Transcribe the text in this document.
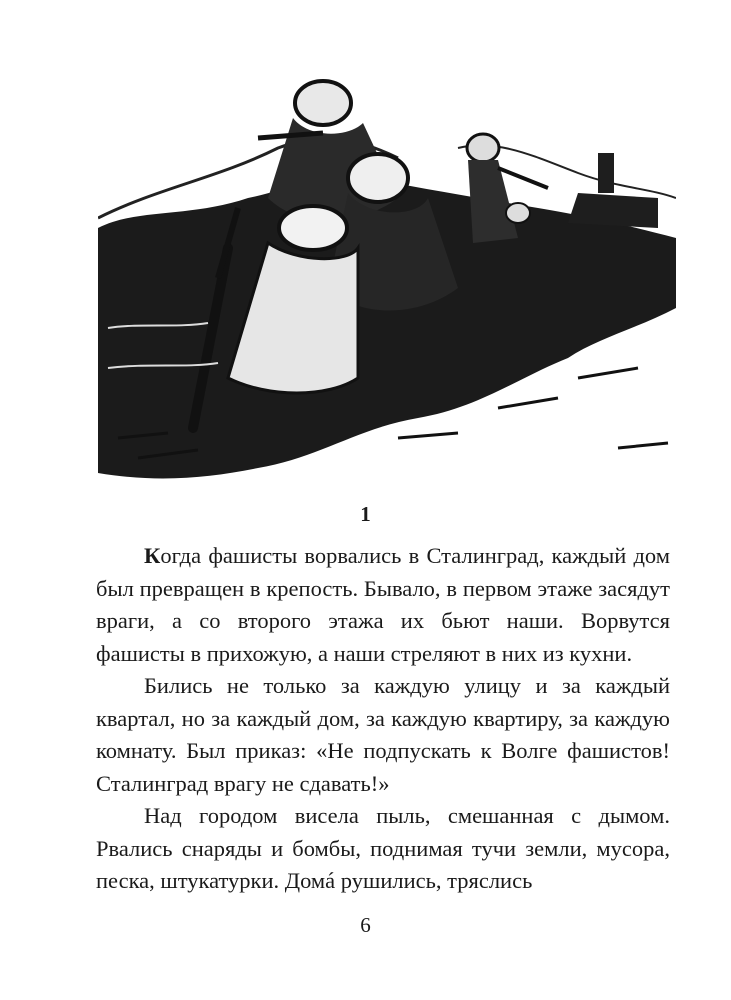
1

Когда фашисты ворвались в Сталинград, каждый дом был превращен в крепость. Бывало, в первом этаже засядут враги, а со второго этажа их бьют наши. Ворвутся фашисты в прихожую, а наши стреляют в них из кухни.

Бились не только за каждую улицу и за каждый квартал, но за каждый дом, за каждую квартиру, за каждую комнату. Был приказ: «Не подпускать к Волге фашистов! Сталинград врагу не сдавать!»

Над городом висела пыль, смешанная с дымом. Рвались снаряды и бомбы, поднимая тучи земли, мусора, песка, штукатурки. Домá рушились, тряслись

6
